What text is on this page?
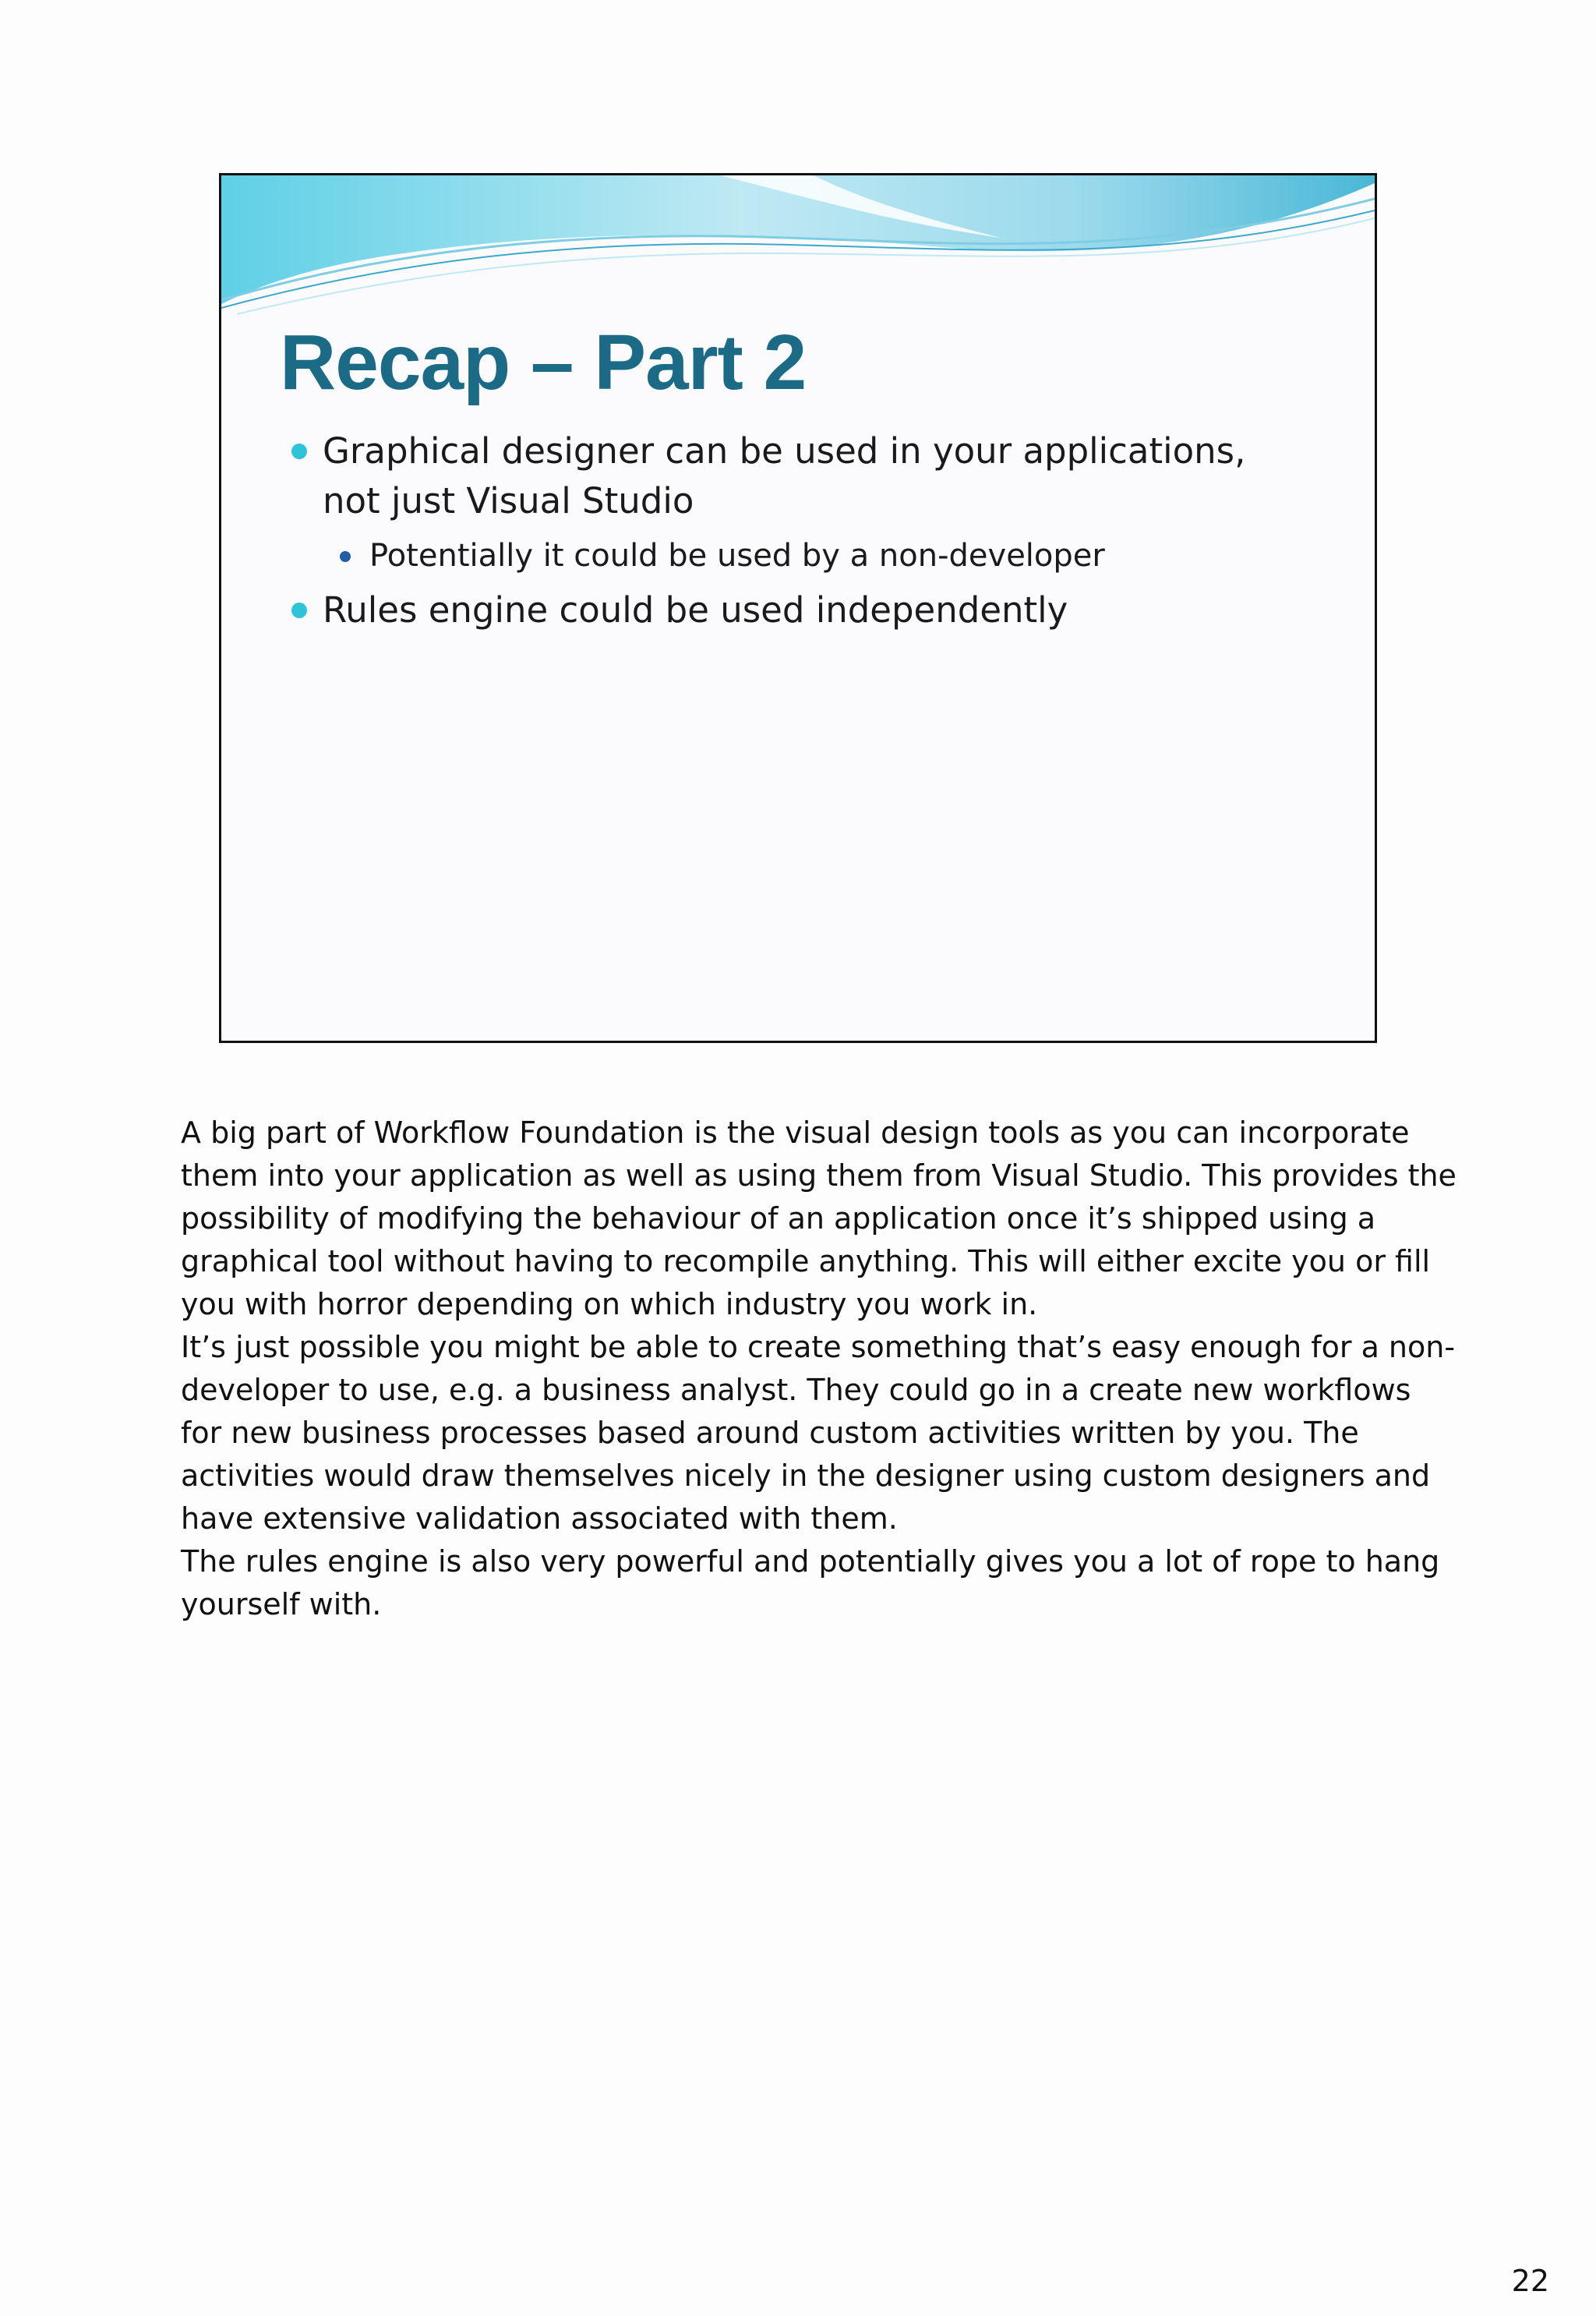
Recap – Part 2
Graphical designer can be used in your applications, not just Visual Studio
Potentially it could be used by a non-developer
Rules engine could be used independently

A big part of Workflow Foundation is the visual design tools as you can incorporate them into your application as well as using them from Visual Studio. This provides the possibility of modifying the behaviour of an application once it’s shipped using a graphical tool without having to recompile anything. This will either excite you or fill you with horror depending on which industry you work in.

It’s just possible you might be able to create something that’s easy enough for a non-developer to use, e.g. a business analyst. They could go in a create new workflows for new business processes based around custom activities written by you. The activities would draw themselves nicely in the designer using custom designers and have extensive validation associated with them.

The rules engine is also very powerful and potentially gives you a lot of rope to hang yourself with.

22
